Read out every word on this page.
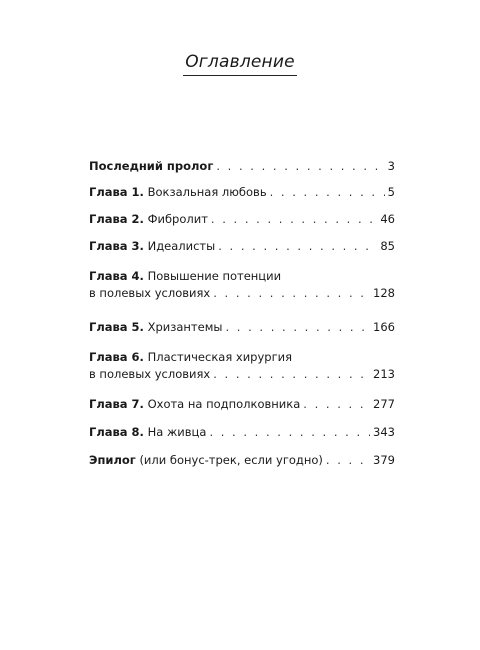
Оглавление
Последний пролог . . .	3
Глава 1. Вокзальная любовь . . .	5
Глава 2. Фибролит . . .	46
Глава 3. Идеалисты . . .	85
Глава 4. Повышение потенции
в полевых условиях . . .	128
Глава 5. Хризантемы . . .	166
Глава 6. Пластическая хирургия
в полевых условиях . . .	213
Глава 7. Охота на подполковника . . .	277
Глава 8. На живца . . .	343
Эпилог (или бонус-трек, если угодно) . . .	379
